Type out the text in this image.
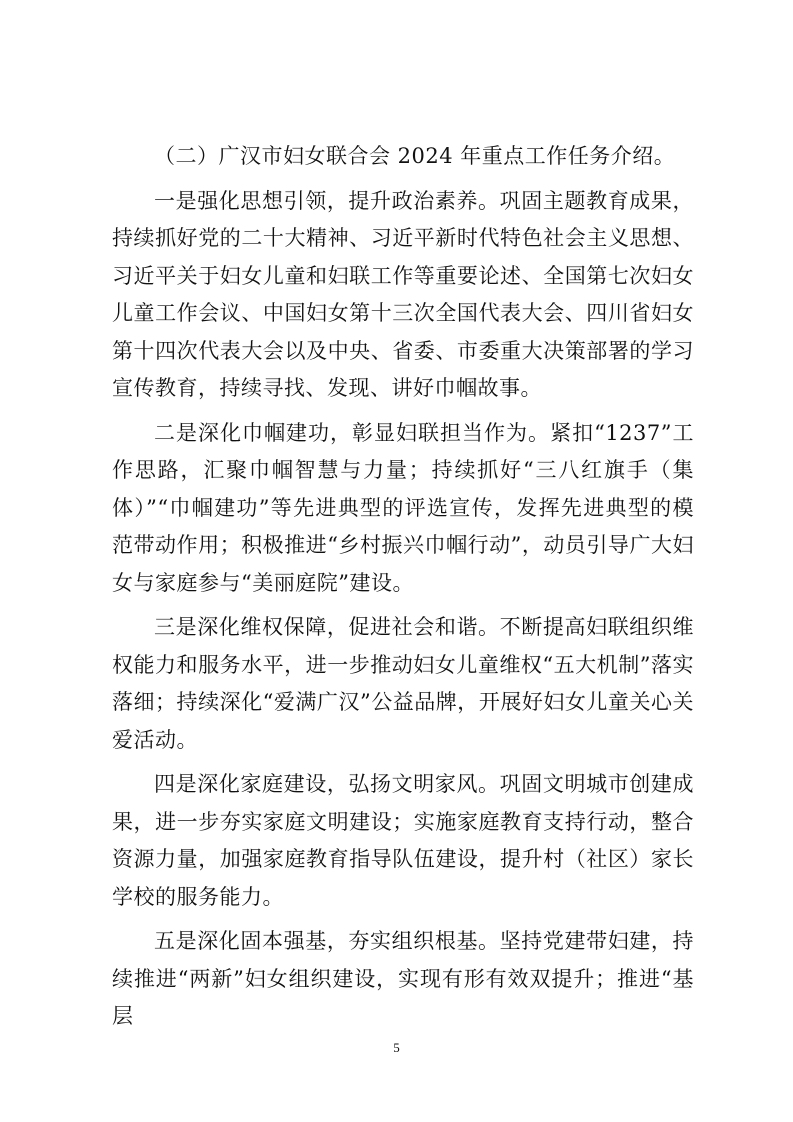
（二）广汉市妇女联合会 2024 年重点工作任务介绍。

一是强化思想引领，提升政治素养。巩固主题教育成果，持续抓好党的二十大精神、习近平新时代特色社会主义思想、习近平关于妇女儿童和妇联工作等重要论述、全国第七次妇女儿童工作会议、中国妇女第十三次全国代表大会、四川省妇女第十四次代表大会以及中央、省委、市委重大决策部署的学习宣传教育，持续寻找、发现、讲好巾帼故事。

二是深化巾帼建功，彰显妇联担当作为。紧扣“1237”工作思路，汇聚巾帼智慧与力量；持续抓好“三八红旗手（集体）”“巾帼建功”等先进典型的评选宣传，发挥先进典型的模范带动作用；积极推进“乡村振兴巾帼行动”，动员引导广大妇女与家庭参与“美丽庭院”建设。

三是深化维权保障，促进社会和谐。不断提高妇联组织维权能力和服务水平，进一步推动妇女儿童维权“五大机制”落实落细；持续深化“爱满广汉”公益品牌，开展好妇女儿童关心关爱活动。

四是深化家庭建设，弘扬文明家风。巩固文明城市创建成果，进一步夯实家庭文明建设；实施家庭教育支持行动，整合资源力量，加强家庭教育指导队伍建设，提升村（社区）家长学校的服务能力。

五是深化固本强基，夯实组织根基。坚持党建带妇建，持续推进“两新”妇女组织建设，实现有形有效双提升；推进“基层

5
